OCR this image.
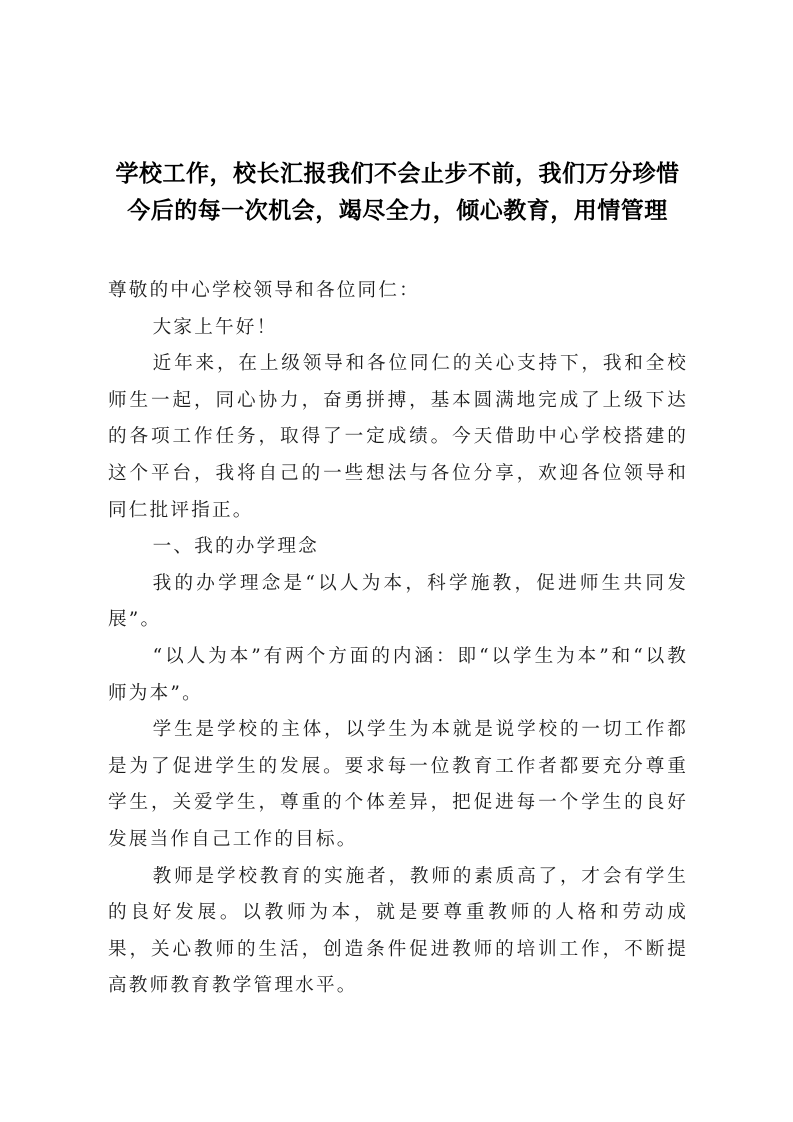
学校工作，校长汇报我们不会止步不前，我们万分珍惜
今后的每一次机会，竭尽全力，倾心教育，用情管理

尊敬的中心学校领导和各位同仁：

大家上午好！

近年来，在上级领导和各位同仁的关心支持下，我和全校师生一起，同心协力，奋勇拼搏，基本圆满地完成了上级下达的各项工作任务，取得了一定成绩。今天借助中心学校搭建的这个平台，我将自己的一些想法与各位分享，欢迎各位领导和同仁批评指正。

一、我的办学理念

我的办学理念是“以人为本，科学施教，促进师生共同发展”。

“以人为本”有两个方面的内涵：即“以学生为本”和“以教师为本”。

学生是学校的主体，以学生为本就是说学校的一切工作都是为了促进学生的发展。要求每一位教育工作者都要充分尊重学生，关爱学生，尊重的个体差异，把促进每一个学生的良好发展当作自己工作的目标。

教师是学校教育的实施者，教师的素质高了，才会有学生的良好发展。以教师为本，就是要尊重教师的人格和劳动成果，关心教师的生活，创造条件促进教师的培训工作，不断提高教师教育教学管理水平。
